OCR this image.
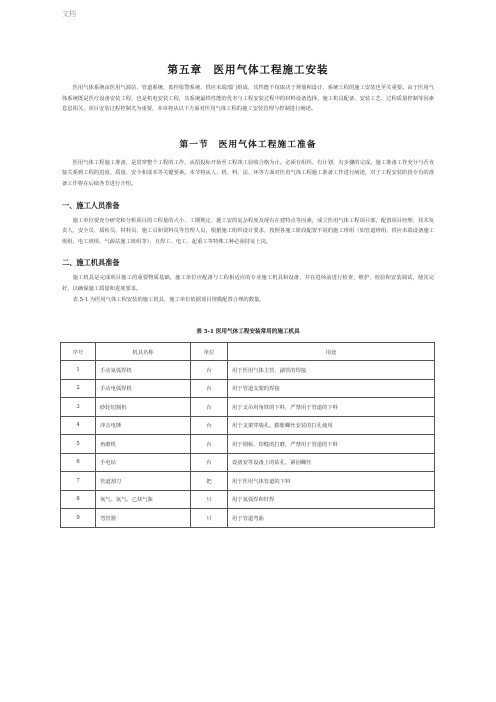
文档
第五章　医用气体工程施工安装

医用气体系统由医用气源站、管道系统、监控报警系统、供应末端部门组成，其性能不仅取决于规划和设计、系统工程的施工安装也至关重要。由于医用气体系统既是医疗设备安装工程，也是机电安装工程，其系统最终性能的优劣与工程安装过程中的材料设备选择、施工机具配备、安装工艺、过程质量控制等因素息息相关，项目安装过程控制尤为重要，本章将从以下方面对医用气体工程的施工安装管理与控制进行阐述。

第一节　医用气体工程施工准备

医用气体工程施工准备，是贯穿整个工程的工作，从招投标开始至工程竣工验收合格为止。必须有组织、有计划、有步骤的完成。施工准备工作充分与否直接关系到工程的进度、质量、安全和成本等关键要素。本节将从人、机、料、法、环等方面对医用气体工程施工准备工作进行阐述，对于工程安装阶段专有的准备工作将在后续各节进行介绍。

一、施工人员准备

施工单位要充分研究和分析项目的工程量的大小、工期规定、施工安的复杂程度及现有在建特点等因素，成立医用气体工程项目部，配置项目经理、技术负责人、安全员、质检员、材料员、施工员和资料员等管理人员，根据施工组织设计要求，按照各施工阶段配置不同的施工班组（如管道班组、供应末端设备施工班组、电工班组、气源站施工班组等），且焊工、电工、起重工等特殊工种必须持证上岗。

二、施工机具准备

施工机具是完成项目施工的重要物质基础，施工单位应配备与工程相适应的专业施工机具和设备，并在进场前进行检查、维护、校验和安装调试，使其完好，以确保施工质量和进度要求。

表 5-1 为医用气体工程安装的施工机具，施工单位依据项目规模配置合理的数量。

表 5-1 医用气体工程安装常用的施工机具
序号	机具名称	单位	用途
1	手动氩弧焊机	台	用于医用气体主管、副管的焊接
2	手动电弧焊机	台	用于管道支架的焊接
3	砂轮切割机	台	用于支吊用角铁的下料，严禁用于管道的下料
4	冲击电锤	台	用于支架穿墙孔，膨胀螺丝安装的打孔使用
5	角磨机	台	用于钢板、焊缝的打磨，严禁用于管道的下料
6	手电钻	台	设备安等设备上的钻孔、紧固螺丝
7	管道割刀	把	用于医用气体管道的下料
8	氧气、氩气、乙炔气瓶	只	用于氩弧焊和钎焊
9	弯管器	只	用于管道弯曲
